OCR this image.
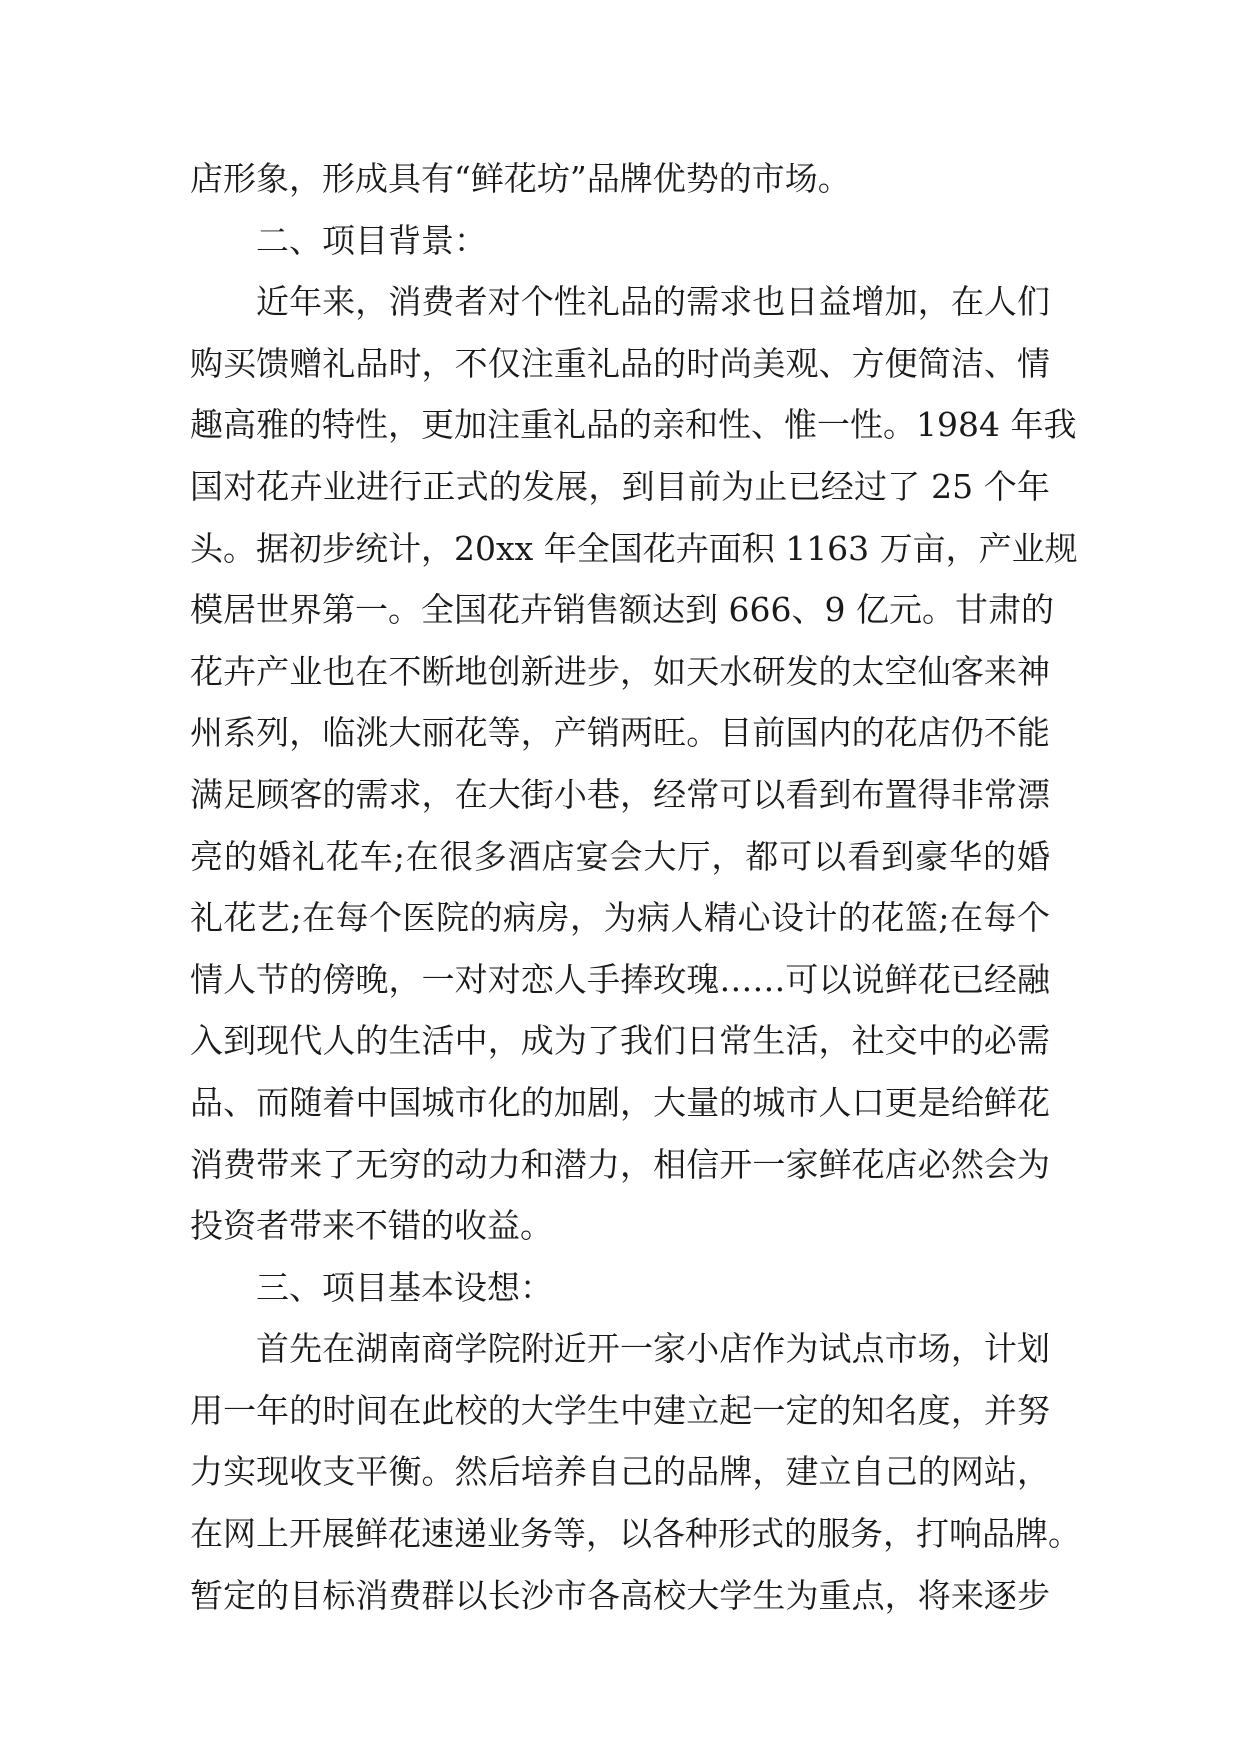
店形象，形成具有“鲜花坊”品牌优势的市场。
二、项目背景：
近年来，消费者对个性礼品的需求也日益增加，在人们
购买馈赠礼品时，不仅注重礼品的时尚美观、方便简洁、情
趣高雅的特性，更加注重礼品的亲和性、惟一性。1984 年我
国对花卉业进行正式的发展，到目前为止已经过了 25 个年
头。据初步统计，20xx 年全国花卉面积 1163 万亩，产业规
模居世界第一。全国花卉销售额达到 666、9 亿元。甘肃的
花卉产业也在不断地创新进步，如天水研发的太空仙客来神
州系列，临洮大丽花等，产销两旺。目前国内的花店仍不能
满足顾客的需求，在大街小巷，经常可以看到布置得非常漂
亮的婚礼花车;在很多酒店宴会大厅，都可以看到豪华的婚
礼花艺;在每个医院的病房，为病人精心设计的花篮;在每个
情人节的傍晚，一对对恋人手捧玫瑰……可以说鲜花已经融
入到现代人的生活中，成为了我们日常生活，社交中的必需
品、而随着中国城市化的加剧，大量的城市人口更是给鲜花
消费带来了无穷的动力和潜力，相信开一家鲜花店必然会为
投资者带来不错的收益。
三、项目基本设想：
首先在湖南商学院附近开一家小店作为试点市场，计划
用一年的时间在此校的大学生中建立起一定的知名度，并努
力实现收支平衡。然后培养自己的品牌，建立自己的网站，
在网上开展鲜花速递业务等，以各种形式的服务，打响品牌。
暂定的目标消费群以长沙市各高校大学生为重点，将来逐步
